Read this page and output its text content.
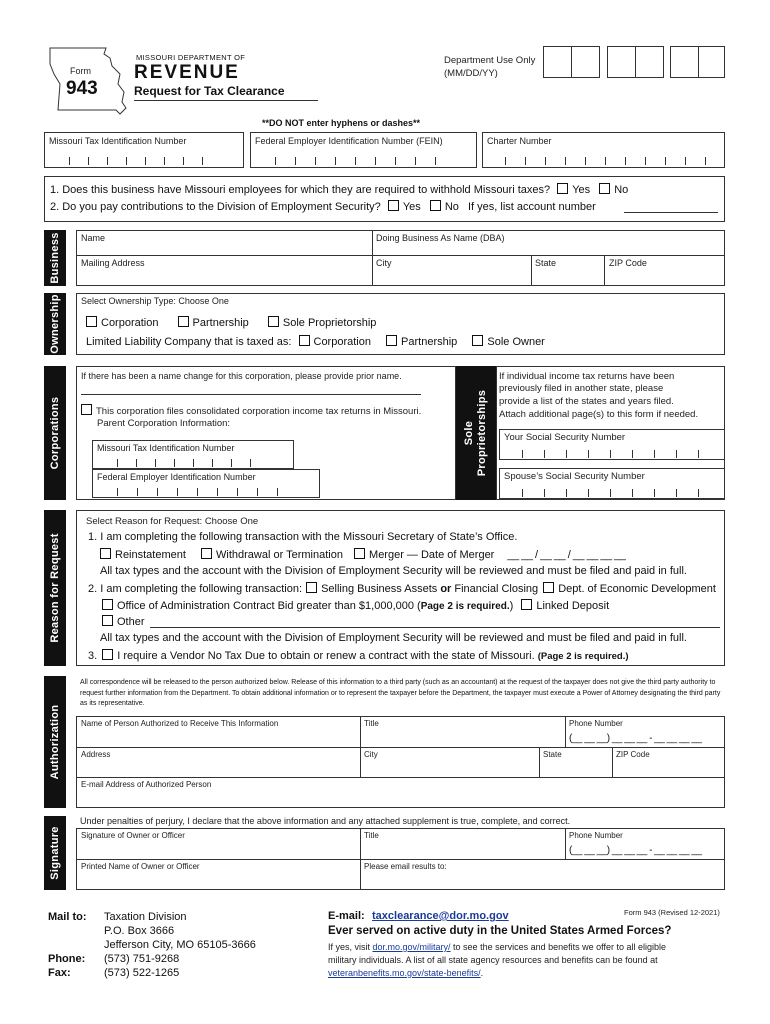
Form
943
MISSOURI DEPARTMENT OF
REVENUE
Request for Tax Clearance
Department Use Only
(MM/DD/YY)
**DO NOT enter hyphens or dashes**
Missouri Tax Identification Number	Federal Employer Identification Number (FEIN)	Charter Number
1. Does this business have Missouri employees for which they are required to withhold Missouri taxes? Yes No
2. Do you pay contributions to the Division of Employment Security? Yes No If yes, list account number
Business Name	Doing Business As Name (DBA)
Mailing Address	City	State	ZIP Code
Ownership Select Ownership Type: Choose One
Corporation	Partnership	Sole Proprietorship
Limited Liability Company that is taxed as: Corporation	Partnership	Sole Owner
Corporations
If there has been a name change for this corporation, please provide prior name.
This corporation files consolidated corporation income tax returns in Missouri.
Parent Corporation Information:
Missouri Tax Identification Number
Federal Employer Identification Number
Sole Proprietorships
If individual income tax returns have been
previously filed in another state, please
provide a list of the states and years filed.
Attach additional page(s) to this form if needed.
Your Social Security Number
Spouse’s Social Security Number
Reason for Request
Select Reason for Request: Choose One
1. I am completing the following transaction with the Missouri Secretary of State’s Office.
Reinstatement	Withdrawal or Termination Merger — Date of Merger __ __ / __ __ / __ __ __ __
All tax types and the account with the Division of Employment Security will be reviewed and must be filed and paid in full.
2. I am completing the following transaction: Selling Business Assets or Financial Closing Dept. of Economic Development
Office of Administration Contract Bid greater than $1,000,000 (Page 2 is required.) Linked Deposit
Other
All tax types and the account with the Division of Employment Security will be reviewed and must be filed and paid in full.
3. I require a Vendor No Tax Due to obtain or renew a contract with the state of Missouri. (Page 2 is required.)
Authorization
All correspondence will be released to the person authorized below. Release of this information to a third party (such as an accountant) at the request of the taxpayer does not give the third party authority to request further information from the Department. To obtain additional information or to represent the taxpayer before the Department, the taxpayer must execute a Power of Attorney designating the third party as its representative.
Name of Person Authorized to Receive This Information	Title	Phone Number
(__ __ __) __ __ __ - __ __ __ __
Address	City	State	ZIP Code
E-mail Address of Authorized Person
Signature
Under penalties of perjury, I declare that the above information and any attached supplement is true, complete, and correct.
Signature of Owner or Officer	Title	Phone Number
(__ __ __) __ __ __ - __ __ __ __
Printed Name of Owner or Officer	Please email results to:
Mail to: Taxation Division
P.O. Box 3666
Jefferson City, MO 65105-3666
Phone: (573) 751-9268
Fax:	(573) 522-1265
E-mail: taxclearance@dor.mo.gov	Form 943 (Revised 12-2021)
Ever served on active duty in the United States Armed Forces?
If yes, visit dor.mo.gov/military/ to see the services and benefits we offer to all eligible
military individuals. A list of all state agency resources and benefits can be found at
veteranbenefits.mo.gov/state-benefits/.
